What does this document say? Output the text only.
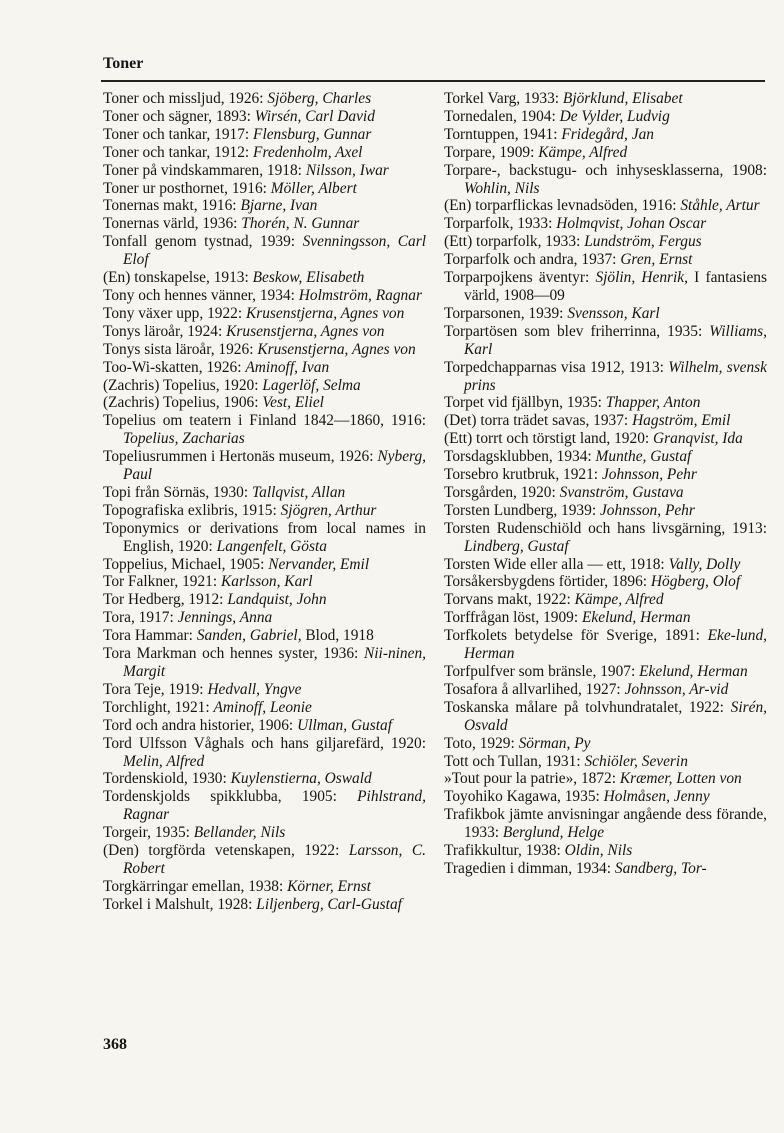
Toner
Toner och missljud, 1926: Sjöberg, Charles
Toner och sägner, 1893: Wirsén, Carl David
Toner och tankar, 1917: Flensburg, Gunnar
Toner och tankar, 1912: Fredenholm, Axel
Toner på vindskammaren, 1918: Nilsson, Iwar
Toner ur posthornet, 1916: Möller, Albert
Tonernas makt, 1916: Bjarne, Ivan
Tonernas värld, 1936: Thorén, N. Gunnar
Tonfall genom tystnad, 1939: Svenningsson, Carl Elof
(En) tonskapelse, 1913: Beskow, Elisabeth
Tony och hennes vänner, 1934: Holmström, Ragnar
Tony växer upp, 1922: Krusenstjerna, Agnes von
Tonys läroår, 1924: Krusenstjerna, Agnes von
Tonys sista läroår, 1926: Krusenstjerna, Agnes von
Too-Wi-skatten, 1926: Aminoff, Ivan
(Zachris) Topelius, 1920: Lagerlöf, Selma
(Zachris) Topelius, 1906: Vest, Eliel
Topelius om teatern i Finland 1842—1860, 1916: Topelius, Zacharias
Topeliusrummen i Hertonäs museum, 1926: Nyberg, Paul
Topi från Sörnäs, 1930: Tallqvist, Allan
Topografiska exlibris, 1915: Sjögren, Arthur
Toponymics or derivations from local names in English, 1920: Langenfelt, Gösta
Toppelius, Michael, 1905: Nervander, Emil
Tor Falkner, 1921: Karlsson, Karl
Tor Hedberg, 1912: Landquist, John
Tora, 1917: Jennings, Anna
Tora Hammar: Sanden, Gabriel, Blod, 1918
Tora Markman och hennes syster, 1936: Nii-ninen, Margit
Tora Teje, 1919: Hedvall, Yngve
Torchlight, 1921: Aminoff, Leonie
Tord och andra historier, 1906: Ullman, Gustaf
Tord Ulfsson Våghals och hans giljarefärd, 1920: Melin, Alfred
Tordenskiold, 1930: Kuylenstierna, Oswald
Tordenskjolds spikklubba, 1905: Pihlstrand, Ragnar
Torgeir, 1935: Bellander, Nils
(Den) torgförda vetenskapen, 1922: Larsson, C. Robert
Torgkärringar emellan, 1938: Körner, Ernst
Torkel i Malshult, 1928: Liljenberg, Carl-Gustaf
Torkel Varg, 1933: Björklund, Elisabet
Tornedalen, 1904: De Vylder, Ludvig
Torntuppen, 1941: Fridegård, Jan
Torpare, 1909: Kämpe, Alfred
Torpare-, backstugu- och inhysesklasserna, 1908: Wohlin, Nils
(En) torparflickas levnadsöden, 1916: Ståhle, Artur
Torparfolk, 1933: Holmqvist, Johan Oscar
(Ett) torparfolk, 1933: Lundström, Fergus
Torparfolk och andra, 1937: Gren, Ernst
Torparpojkens äventyr: Sjölin, Henrik, I fantasiens värld, 1908—09
Torparsonen, 1939: Svensson, Karl
Torpartösen som blev friherrinna, 1935: Williams, Karl
Torpedchapparnas visa 1912, 1913: Wilhelm, svensk prins
Torpet vid fjällbyn, 1935: Thapper, Anton
(Det) torra trädet savas, 1937: Hagström, Emil
(Ett) torrt och törstigt land, 1920: Granqvist, Ida
Torsdagsklubben, 1934: Munthe, Gustaf
Torsebro krutbruk, 1921: Johnsson, Pehr
Torsgården, 1920: Svanström, Gustava
Torsten Lundberg, 1939: Johnsson, Pehr
Torsten Rudenschiöld och hans livsgärning, 1913: Lindberg, Gustaf
Torsten Wide eller alla — ett, 1918: Vally, Dolly
Torsåkersbygdens förtider, 1896: Högberg, Olof
Torvans makt, 1922: Kämpe, Alfred
Torffrågan löst, 1909: Ekelund, Herman
Torfkolets betydelse för Sverige, 1891: Eke-lund, Herman
Torfpulfver som bränsle, 1907: Ekelund, Herman
Tosafora å allvarlihed, 1927: Johnsson, Ar-vid
Toskanska målare på tolvhundratalet, 1922: Sirén, Osvald
Toto, 1929: Sörman, Py
Tott och Tullan, 1931: Schiöler, Severin
»Tout pour la patrie», 1872: Kræmer, Lotten von
Toyohiko Kagawa, 1935: Holmåsen, Jenny
Trafikbok jämte anvisningar angående dess förande, 1933: Berglund, Helge
Trafikkultur, 1938: Oldin, Nils
Tragedien i dimman, 1934: Sandberg, Tor-
368
